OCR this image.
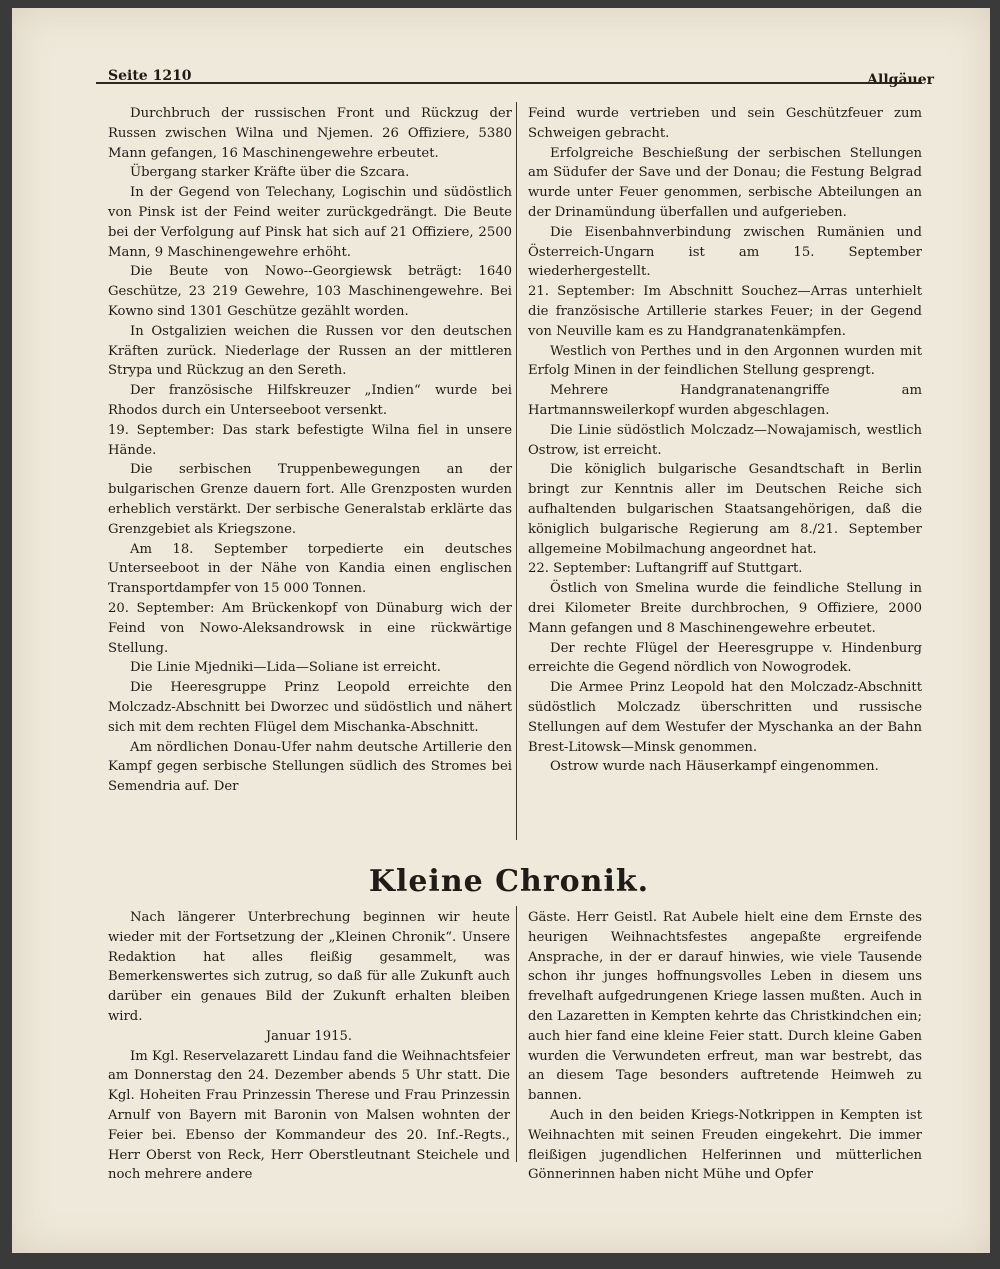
Seite 1210	Allgäuer

Durchbruch der russischen Front und Rückzug der Russen zwischen Wilna und Njemen. 26 Offiziere, 5380 Mann gefangen, 16 Maschinengewehre erbeutet.

Übergang starker Kräfte über die Szcara.

In der Gegend von Telechany, Logischin und südöstlich von Pinsk ist der Feind weiter zurückgedrängt. Die Beute bei der Verfolgung auf Pinsk hat sich auf 21 Offiziere, 2500 Mann, 9 Maschinengewehre erhöht.

Die Beute von Nowo--Georgiewsk beträgt: 1640 Geschütze, 23 219 Gewehre, 103 Maschinengewehre. Bei Kowno sind 1301 Geschütze gezählt worden.

In Ostgalizien weichen die Russen vor den deutschen Kräften zurück. Niederlage der Russen an der mittleren Strypa und Rückzug an den Sereth.

Der französische Hilfskreuzer „Indien“ wurde bei Rhodos durch ein Unterseeboot versenkt.

19. September: Das stark befestigte Wilna fiel in unsere Hände.

Die serbischen Truppenbewegungen an der bulgarischen Grenze dauern fort. Alle Grenzposten wurden erheblich verstärkt. Der serbische Generalstab erklärte das Grenzgebiet als Kriegszone.

Am 18. September torpedierte ein deutsches Unterseeboot in der Nähe von Kandia einen englischen Transportdampfer von 15 000 Tonnen.

20. September: Am Brückenkopf von Dünaburg wich der Feind von Nowo-Aleksandrowsk in eine rückwärtige Stellung.

Die Linie Mjedniki—Lida—Soliane ist erreicht.

Die Heeresgruppe Prinz Leopold erreichte den Molczadz-Abschnitt bei Dworzec und südöstlich und nähert sich mit dem rechten Flügel dem Mischanka-Abschnitt.

Am nördlichen Donau-Ufer nahm deutsche Artillerie den Kampf gegen serbische Stellungen südlich des Stromes bei Semendria auf. Der

Feind wurde vertrieben und sein Geschützfeuer zum Schweigen gebracht.

Erfolgreiche Beschießung der serbischen Stellungen am Südufer der Save und der Donau; die Festung Belgrad wurde unter Feuer genommen, serbische Abteilungen an der Drinamündung überfallen und aufgerieben.

Die Eisenbahnverbindung zwischen Rumänien und Österreich-Ungarn ist am 15. September wiederhergestellt.

21. September: Im Abschnitt Souchez—Arras unterhielt die französische Artillerie starkes Feuer; in der Gegend von Neuville kam es zu Handgranatenkämpfen.

Westlich von Perthes und in den Argonnen wurden mit Erfolg Minen in der feindlichen Stellung gesprengt.

Mehrere Handgranatenangriffe am Hartmannsweilerkopf wurden abgeschlagen.

Die Linie südöstlich Molczadz—Nowajamisch, westlich Ostrow, ist erreicht.

Die königlich bulgarische Gesandtschaft in Berlin bringt zur Kenntnis aller im Deutschen Reiche sich aufhaltenden bulgarischen Staatsangehörigen, daß die königlich bulgarische Regierung am 8./21. September allgemeine Mobilmachung angeordnet hat.

22. September: Luftangriff auf Stuttgart.

Östlich von Smelina wurde die feindliche Stellung in drei Kilometer Breite durchbrochen, 9 Offiziere, 2000 Mann gefangen und 8 Maschinengewehre erbeutet.

Der rechte Flügel der Heeresgruppe v. Hindenburg erreichte die Gegend nördlich von Nowogrodek.

Die Armee Prinz Leopold hat den Molczadz-Abschnitt südöstlich Molczadz überschritten und russische Stellungen auf dem Westufer der Myschanka an der Bahn Brest-Litowsk—Minsk genommen.

Ostrow wurde nach Häuserkampf eingenommen.

Kleine Chronik.

Nach längerer Unterbrechung beginnen wir heute wieder mit der Fortsetzung der „Kleinen Chronik“. Unsere Redaktion hat alles fleißig gesammelt, was Bemerkenswertes sich zutrug, so daß für alle Zukunft auch darüber ein genaues Bild der Zukunft erhalten bleiben wird.

Januar 1915.

Im Kgl. Reservelazarett Lindau fand die Weihnachtsfeier am Donnerstag den 24. Dezember abends 5 Uhr statt. Die Kgl. Hoheiten Frau Prinzessin Therese und Frau Prinzessin Arnulf von Bayern mit Baronin von Malsen wohnten der Feier bei. Ebenso der Kommandeur des 20. Inf.-Regts., Herr Oberst von Reck, Herr Oberstleutnant Steichele und noch mehrere andere

Gäste. Herr Geistl. Rat Aubele hielt eine dem Ernste des heurigen Weihnachtsfestes angepaßte ergreifende Ansprache, in der er darauf hinwies, wie viele Tausende schon ihr junges hoffnungsvolles Leben in diesem uns frevelhaft aufgedrungenen Kriege lassen mußten. Auch in den Lazaretten in Kempten kehrte das Christkindchen ein; auch hier fand eine kleine Feier statt. Durch kleine Gaben wurden die Verwundeten erfreut, man war bestrebt, das an diesem Tage besonders auftretende Heimweh zu bannen.

Auch in den beiden Kriegs-Notkrippen in Kempten ist Weihnachten mit seinen Freuden eingekehrt. Die immer fleißigen jugendlichen Helferinnen und mütterlichen Gönnerinnen haben nicht Mühe und Opfer
